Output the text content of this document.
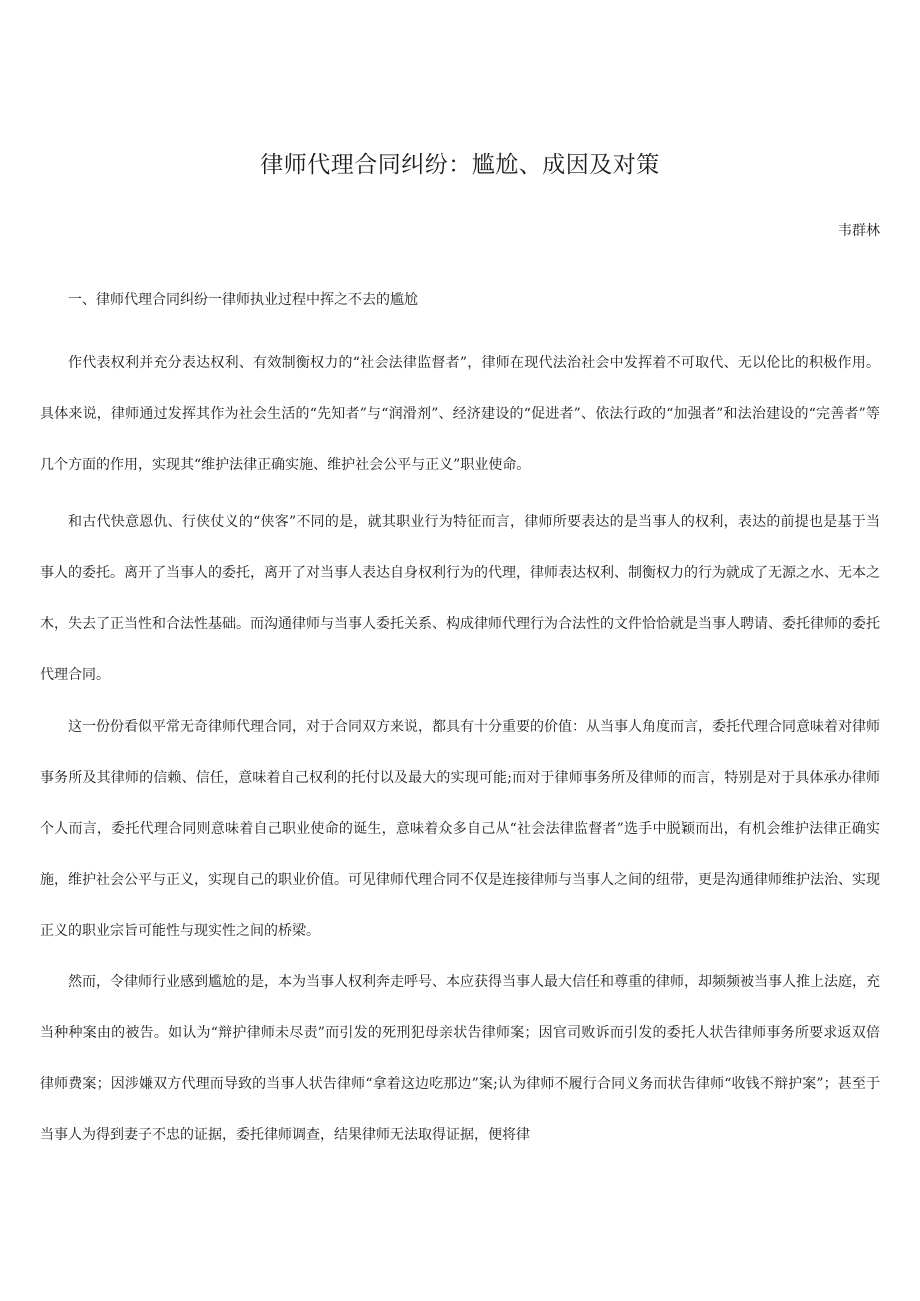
律师代理合同纠纷：尴尬、成因及对策

韦群林

一、律师代理合同纠纷一律师执业过程中挥之不去的尴尬

作代表权利并充分表达权利、有效制衡权力的“社会法律监督者”，律师在现代法治社会中发挥着不可取代、无以伦比的积极作用。具体来说，律师通过发挥其作为社会生活的“先知者”与“润滑剂”、经济建设的“促进者”、依法行政的“加强者”和法治建设的“完善者”等几个方面的作用，实现其“维护法律正确实施、维护社会公平与正义”职业使命。

和古代快意恩仇、行侠仗义的“侠客”不同的是，就其职业行为特征而言，律师所要表达的是当事人的权利，表达的前提也是基于当事人的委托。离开了当事人的委托，离开了对当事人表达自身权利行为的代理，律师表达权利、制衡权力的行为就成了无源之水、无本之木，失去了正当性和合法性基础。而沟通律师与当事人委托关系、构成律师代理行为合法性的文件恰恰就是当事人聘请、委托律师的委托代理合同。

这一份份看似平常无奇律师代理合同，对于合同双方来说，都具有十分重要的价值：从当事人角度而言，委托代理合同意味着对律师事务所及其律师的信赖、信任，意味着自己权利的托付以及最大的实现可能;而对于律师事务所及律师的而言，特别是对于具体承办律师个人而言，委托代理合同则意味着自己职业使命的诞生，意味着众多自己从“社会法律监督者”选手中脱颖而出，有机会维护法律正确实施，维护社会公平与正义，实现自己的职业价值。可见律师代理合同不仅是连接律师与当事人之间的纽带，更是沟通律师维护法治、实现正义的职业宗旨可能性与现实性之间的桥梁。

然而，令律师行业感到尴尬的是，本为当事人权利奔走呼号、本应获得当事人最大信任和尊重的律师，却频频被当事人推上法庭，充当种种案由的被告。如认为“辩护律师未尽责”而引发的死刑犯母亲状告律师案；因官司败诉而引发的委托人状告律师事务所要求返双倍律师费案；因涉嫌双方代理而导致的当事人状告律师“拿着这边吃那边”案;认为律师不履行合同义务而状告律师“收钱不辩护案”；甚至于当事人为得到妻子不忠的证据，委托律师调查，结果律师无法取得证据，便将律
